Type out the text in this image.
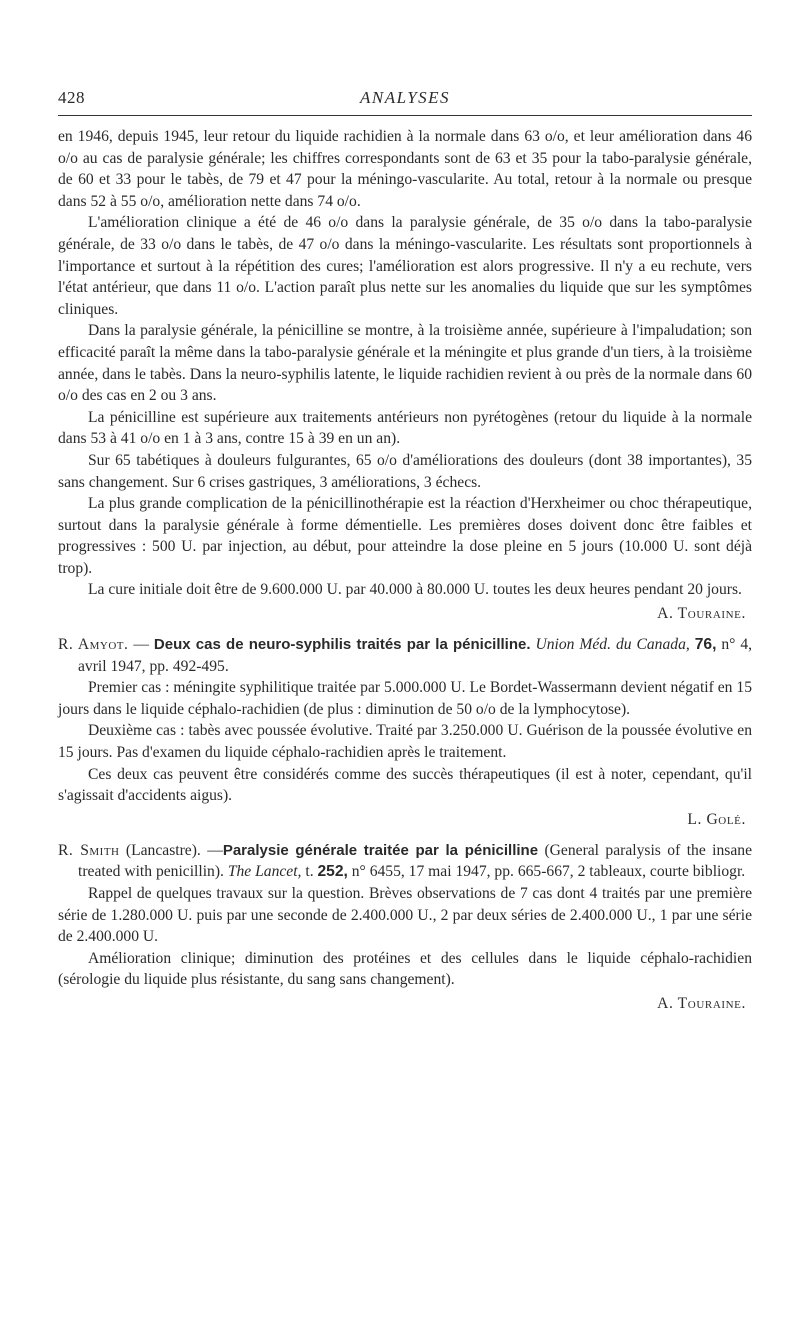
428	ANALYSES

en 1946, depuis 1945, leur retour du liquide rachidien à la normale dans 63 o/o, et leur amélioration dans 46 o/o au cas de paralysie générale; les chiffres correspondants sont de 63 et 35 pour la tabo-paralysie générale, de 60 et 33 pour le tabès, de 79 et 47 pour la méningo-vascularite. Au total, retour à la normale ou presque dans 52 à 55 o/o, amélioration nette dans 74 o/o.

L'amélioration clinique a été de 46 o/o dans la paralysie générale, de 35 o/o dans la tabo-paralysie générale, de 33 o/o dans le tabès, de 47 o/o dans la méningo-vascularite. Les résultats sont proportionnels à l'importance et surtout à la répétition des cures; l'amélioration est alors progressive. Il n'y a eu rechute, vers l'état antérieur, que dans 11 o/o. L'action paraît plus nette sur les anomalies du liquide que sur les symptômes cliniques.

Dans la paralysie générale, la pénicilline se montre, à la troisième année, supérieure à l'impaludation; son efficacité paraît la même dans la tabo-paralysie générale et la méningite et plus grande d'un tiers, à la troisième année, dans le tabès. Dans la neuro-syphilis latente, le liquide rachidien revient à ou près de la normale dans 60 o/o des cas en 2 ou 3 ans.

La pénicilline est supérieure aux traitements antérieurs non pyrétogènes (retour du liquide à la normale dans 53 à 41 o/o en 1 à 3 ans, contre 15 à 39 en un an).

Sur 65 tabétiques à douleurs fulgurantes, 65 o/o d'améliorations des douleurs (dont 38 importantes), 35 sans changement. Sur 6 crises gastriques, 3 améliorations, 3 échecs.

La plus grande complication de la pénicillinothérapie est la réaction d'Herxheimer ou choc thérapeutique, surtout dans la paralysie générale à forme démentielle. Les premières doses doivent donc être faibles et progressives : 500 U. par injection, au début, pour atteindre la dose pleine en 5 jours (10.000 U. sont déjà trop).

La cure initiale doit être de 9.600.000 U. par 40.000 à 80.000 U. toutes les deux heures pendant 20 jours.

A. Touraine.

R. Amyot. — Deux cas de neuro-syphilis traités par la pénicilline. Union Méd. du Canada, 76, n° 4, avril 1947, pp. 492-495.

Premier cas : méningite syphilitique traitée par 5.000.000 U. Le Bordet-Wassermann devient négatif en 15 jours dans le liquide céphalo-rachidien (de plus : diminution de 50 o/o de la lymphocytose).

Deuxième cas : tabès avec poussée évolutive. Traité par 3.250.000 U. Guérison de la poussée évolutive en 15 jours. Pas d'examen du liquide céphalo-rachidien après le traitement.

Ces deux cas peuvent être considérés comme des succès thérapeutiques (il est à noter, cependant, qu'il s'agissait d'accidents aigus).

L. Golé.

R. Smith (Lancastre). —Paralysie générale traitée par la pénicilline (General paralysis of the insane treated with penicillin). The Lancet, t. 252, n° 6455, 17 mai 1947, pp. 665-667, 2 tableaux, courte bibliogr.

Rappel de quelques travaux sur la question. Brèves observations de 7 cas dont 4 traités par une première série de 1.280.000 U. puis par une seconde de 2.400.000 U., 2 par deux séries de 2.400.000 U., 1 par une série de 2.400.000 U.

Amélioration clinique; diminution des protéines et des cellules dans le liquide céphalo-rachidien (sérologie du liquide plus résistante, du sang sans changement).

A. Touraine.
